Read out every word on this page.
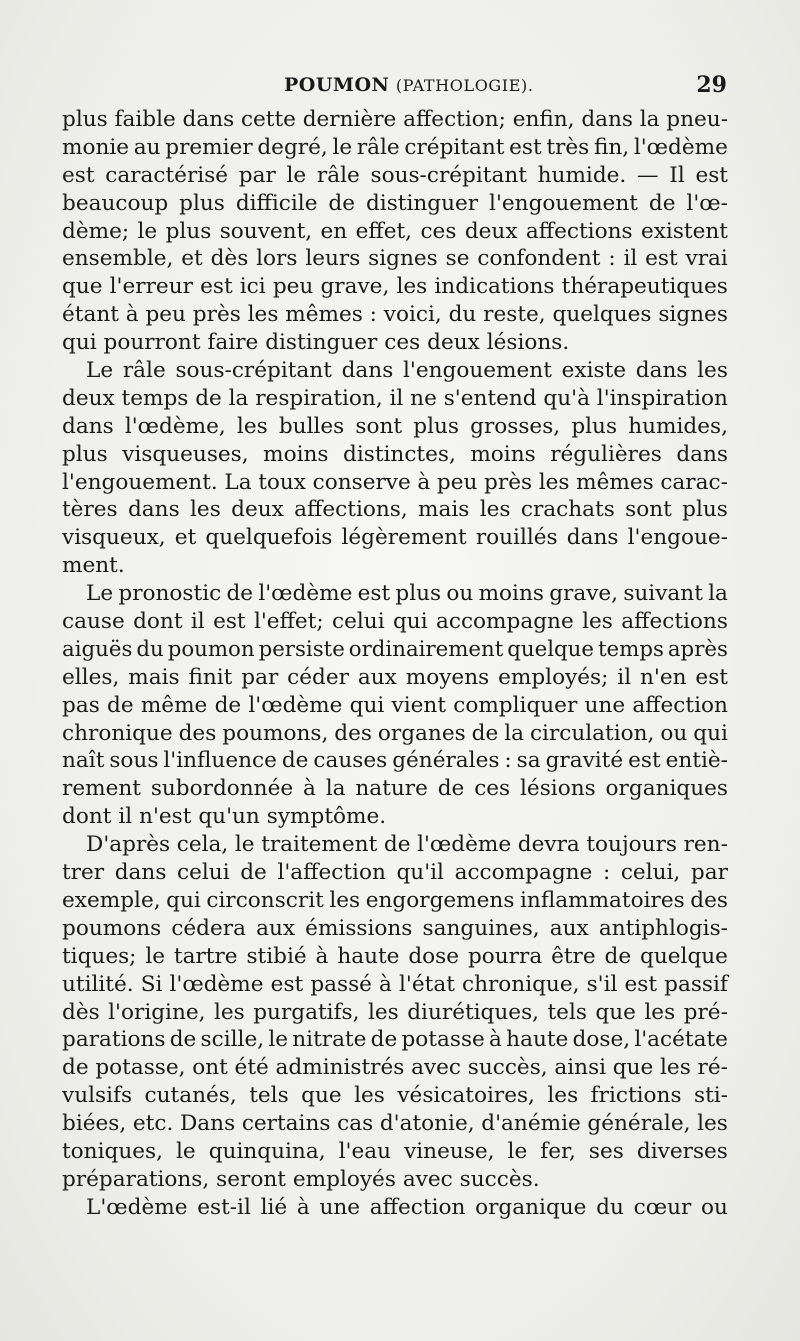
POUMON (PATHOLOGIE).	29
plus faible dans cette dernière affection; enfin, dans la pneu-
monie au premier degré, le râle crépitant est très fin, l'œdème
est caractérisé par le râle sous-crépitant humide. — Il est
beaucoup plus difficile de distinguer l'engouement de l'œ-
dème; le plus souvent, en effet, ces deux affections existent
ensemble, et dès lors leurs signes se confondent : il est vrai
que l'erreur est ici peu grave, les indications thérapeutiques
étant à peu près les mêmes : voici, du reste, quelques signes
qui pourront faire distinguer ces deux lésions.
Le râle sous-crépitant dans l'engouement existe dans les
deux temps de la respiration, il ne s'entend qu'à l'inspiration
dans l'œdème, les bulles sont plus grosses, plus humides,
plus visqueuses, moins distinctes, moins régulières dans
l'engouement. La toux conserve à peu près les mêmes carac-
tères dans les deux affections, mais les crachats sont plus
visqueux, et quelquefois légèrement rouillés dans l'engoue-
ment.
Le pronostic de l'œdème est plus ou moins grave, suivant la
cause dont il est l'effet; celui qui accompagne les affections
aiguës du poumon persiste ordinairement quelque temps après
elles, mais finit par céder aux moyens employés; il n'en est
pas de même de l'œdème qui vient compliquer une affection
chronique des poumons, des organes de la circulation, ou qui
naît sous l'influence de causes générales : sa gravité est entiè-
rement subordonnée à la nature de ces lésions organiques
dont il n'est qu'un symptôme.
D'après cela, le traitement de l'œdème devra toujours ren-
trer dans celui de l'affection qu'il accompagne : celui, par
exemple, qui circonscrit les engorgemens inflammatoires des
poumons cédera aux émissions sanguines, aux antiphlogis-
tiques; le tartre stibié à haute dose pourra être de quelque
utilité. Si l'œdème est passé à l'état chronique, s'il est passif
dès l'origine, les purgatifs, les diurétiques, tels que les pré-
parations de scille, le nitrate de potasse à haute dose, l'acétate
de potasse, ont été administrés avec succès, ainsi que les ré-
vulsifs cutanés, tels que les vésicatoires, les frictions sti-
biées, etc. Dans certains cas d'atonie, d'anémie générale, les
toniques, le quinquina, l'eau vineuse, le fer, ses diverses
préparations, seront employés avec succès.
L'œdème est-il lié à une affection organique du cœur ou
